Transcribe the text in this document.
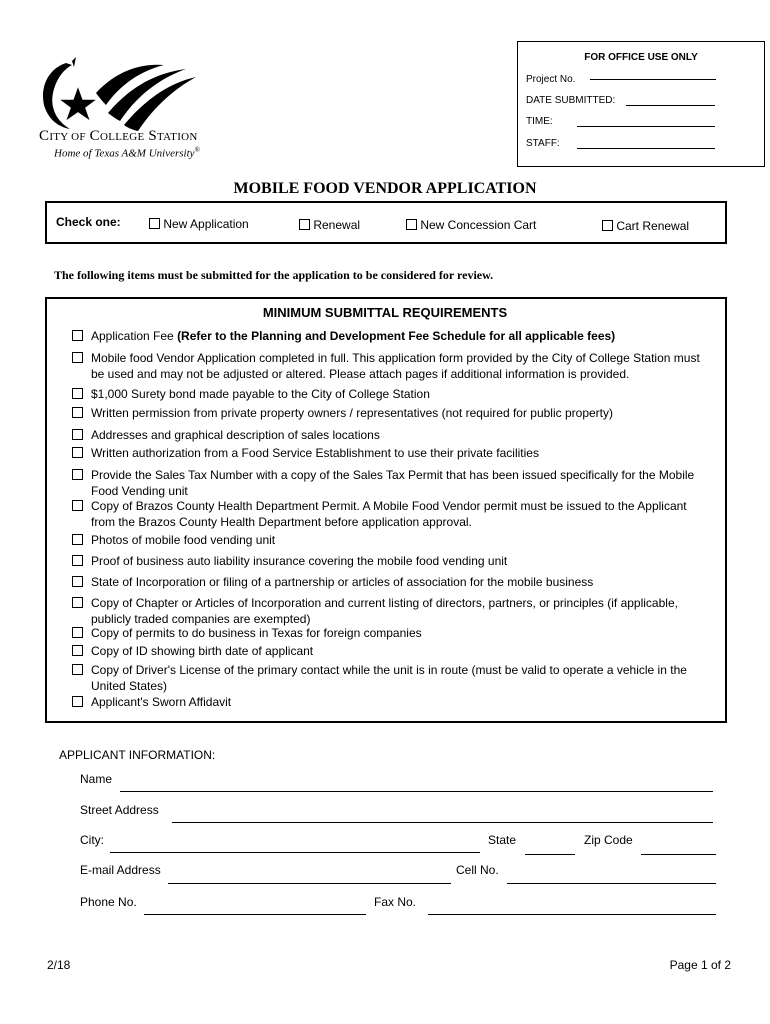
FOR OFFICE USE ONLY
Project No.
DATE SUBMITTED:
TIME:
STAFF:
CITY OF COLLEGE STATION
Home of Texas A&M University®
MOBILE FOOD VENDOR APPLICATION
Check one:	New Application	Renewal	New Concession Cart	Cart Renewal
The following items must be submitted for the application to be considered for review.
MINIMUM SUBMITTAL REQUIREMENTS
Application Fee (Refer to the Planning and Development Fee Schedule for all applicable fees)
Mobile food Vendor Application completed in full. This application form provided by the City of College Station must be used and may not be adjusted or altered. Please attach pages if additional information is provided.
$1,000 Surety bond made payable to the City of College Station
Written permission from private property owners / representatives (not required for public property)
Addresses and graphical description of sales locations
Written authorization from a Food Service Establishment to use their private facilities
Provide the Sales Tax Number with a copy of the Sales Tax Permit that has been issued specifically for the Mobile Food Vending unit
Copy of Brazos County Health Department Permit. A Mobile Food Vendor permit must be issued to the Applicant from the Brazos County Health Department before application approval.
Photos of mobile food vending unit
Proof of business auto liability insurance covering the mobile food vending unit
State of Incorporation or filing of a partnership or articles of association for the mobile business
Copy of Chapter or Articles of Incorporation and current listing of directors, partners, or principles (if applicable, publicly traded companies are exempted)
Copy of permits to do business in Texas for foreign companies
Copy of ID showing birth date of applicant
Copy of Driver's License of the primary contact while the unit is in route (must be valid to operate a vehicle in the United States)
Applicant's Sworn Affidavit
APPLICANT INFORMATION:
Name
Street Address
City:	State	Zip Code
E-mail Address	Cell No.
Phone No.	Fax No.
2/18	Page 1 of 2
